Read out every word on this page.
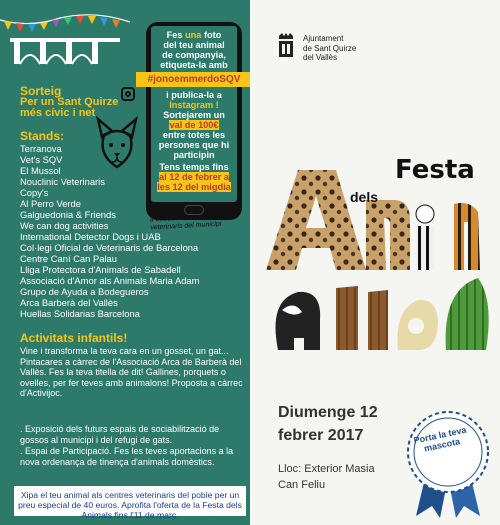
Sorteig
Per un Sant Quirze més cívic i net
Stands:
Terranova
Vet's SQV
El Mussol
Nouclinic Veterinaris
Copy's
Al Perro Verde
Galguedonia & Friends
We can dog activities
International Detector Dogs i UAB
Col·legi Oficial de Veterinaris de Barcelona
Centre Caní Can Palau
Lliga Protectora d'Animals de Sabadell
Associació d'Amor als Animals Maria Adam
Grupo de Ayuda a Bodegueros
Arca Barberà del Vallès
Huellas Solidarias Barcelona
Activitats infantils!
Vine i transforma la teva cara en un gosset, un gat... Pintacares a càrrec de l'Associació Arca de Barberà del Vallès. Fes la teva titella de dit! Gallines, porquets o ovelles, per fer teves amb animalons! Proposta a càrrec d'Activijoc.
. Exposició dels futurs espais de sociabilització de gossos al municipi i del refugi de gats.
. Espai de Participació. Fes les teves aportacions a la nova ordenança de tinença d'animals domèstics.
Xipa el teu animal als centres veterinaris del poble per un preu especial de 40 euros. Aprofita l'oferta de la Festa dels Animals fins l'11 de març.
Fes una foto
del teu animal
de companyia,
etiqueta-la amb
#jonoemmerdoSQV
i publica-la a
Instagram !
Sortejarem un
val de 100€
entre totes les
persones que hi
participin
Tens temps fins
al 12 de febrer a
les 12 del migdia
a bescanviar als centres veterinaris del municipi
Ajuntament
de Sant Quirze
del Vallès
Festa
dels
Diumenge 12
febrer 2017
Lloc: Exterior Masia
Can Feliu
Porta la teva mascota
